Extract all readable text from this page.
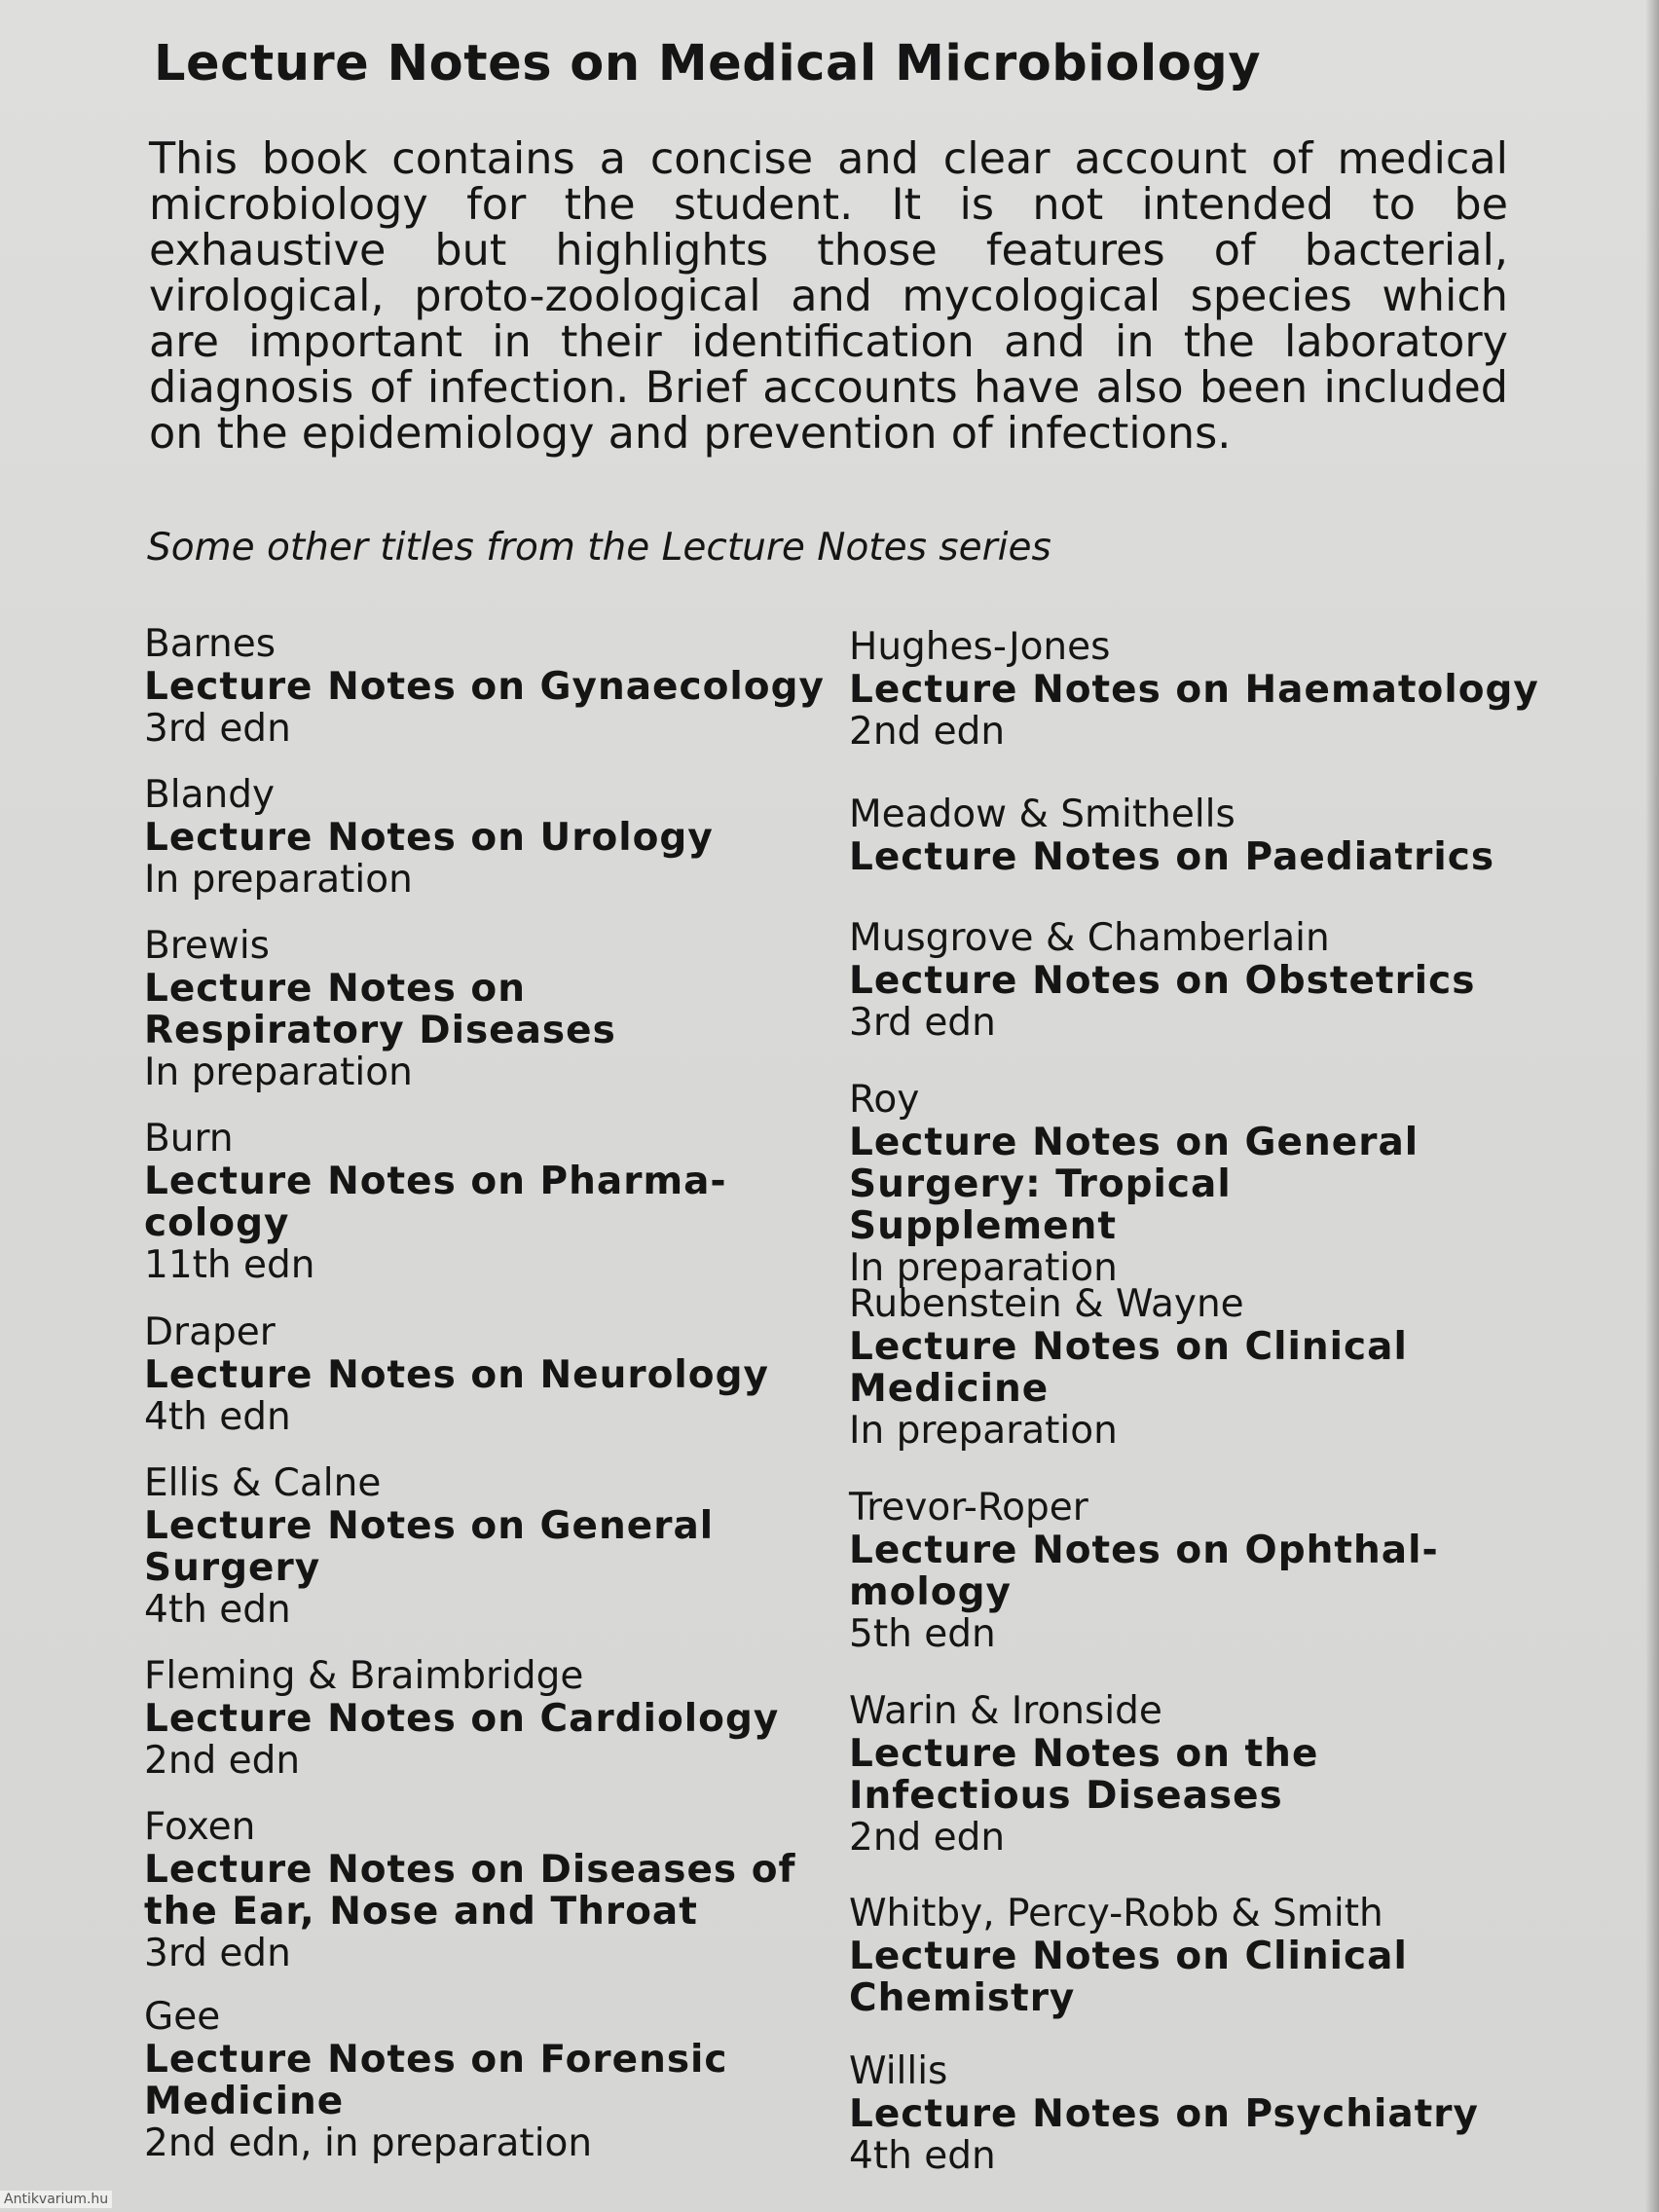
Lecture Notes on Medical Microbiology

This book contains a concise and clear account of medical microbiology for the student. It is not intended to be exhaustive but highlights those features of bacterial, virological, proto-zoological and mycological species which are important in their identification and in the laboratory diagnosis of infection. Brief accounts have also been included on the epidemiology and prevention of infections.

Some other titles from the Lecture Notes series

Barnes
Lecture Notes on Gynaecology
3rd edn
Blandy
Lecture Notes on Urology
In preparation
Brewis
Lecture Notes on Respiratory Diseases
In preparation
Burn
Lecture Notes on Pharma-cology
11th edn
Draper
Lecture Notes on Neurology
4th edn
Ellis & Calne
Lecture Notes on General Surgery
4th edn
Fleming & Braimbridge
Lecture Notes on Cardiology
2nd edn
Foxen
Lecture Notes on Diseases of the Ear, Nose and Throat
3rd edn
Gee
Lecture Notes on Forensic Medicine
2nd edn, in preparation
Hughes-Jones
Lecture Notes on Haematology
2nd edn
Meadow & Smithells
Lecture Notes on Paediatrics
Musgrove & Chamberlain
Lecture Notes on Obstetrics
3rd edn
Roy
Lecture Notes on General Surgery: Tropical Supplement
In preparation
Rubenstein & Wayne
Lecture Notes on Clinical Medicine
In preparation
Trevor-Roper
Lecture Notes on Ophthal-mology
5th edn
Warin & Ironside
Lecture Notes on the Infectious Diseases
2nd edn
Whitby, Percy-Robb & Smith
Lecture Notes on Clinical Chemistry
Willis
Lecture Notes on Psychiatry
4th edn
Antikvarium.hu
